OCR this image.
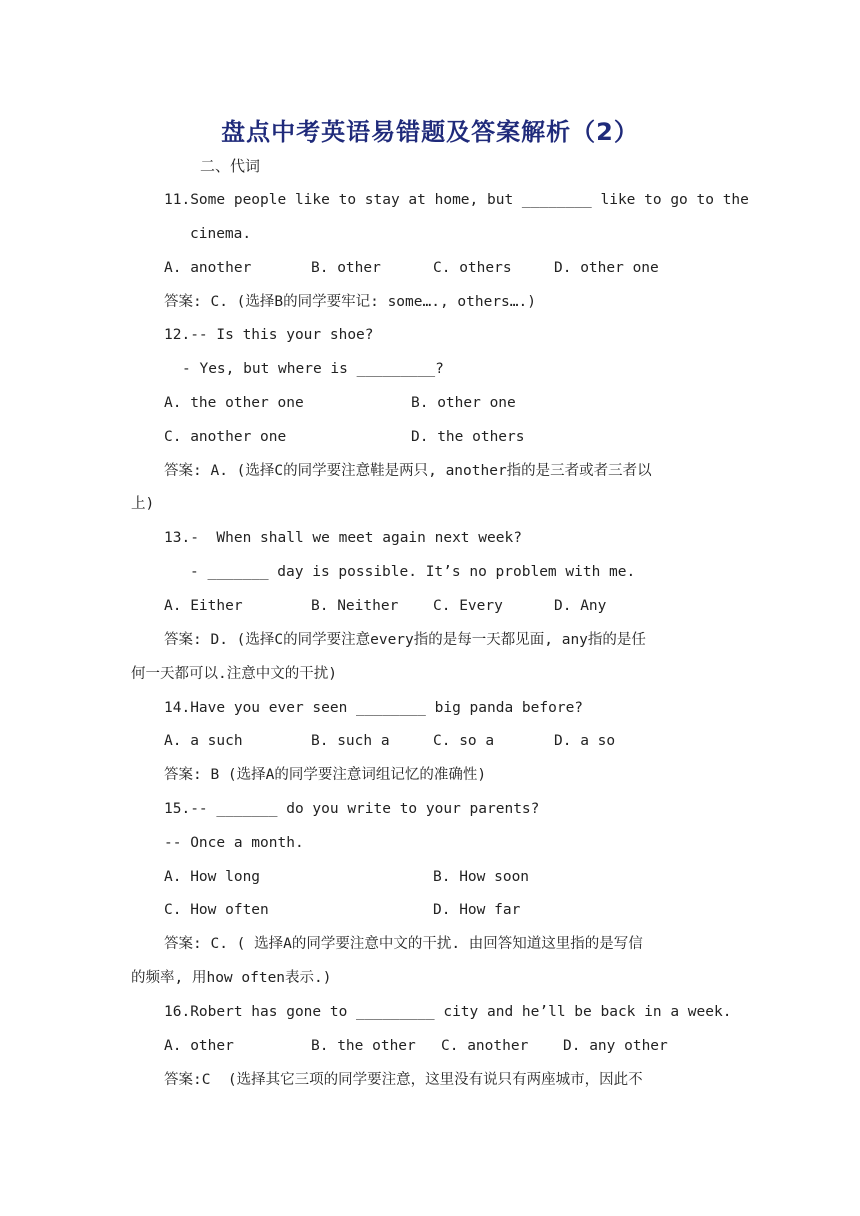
盘点中考英语易错题及答案解析（2）
二、代词
11.Some people like to stay at home, but ________ like to go to the
cinema.
A. another	B. other	C. others	D. other one
答案: C. (选择B的同学要牢记: some…., others….)
12.-- Is this your shoe?
- Yes, but where is _________?
A. the other one	B. other one
C. another one	D. the others
答案: A. (选择C的同学要注意鞋是两只, another指的是三者或者三者以
上)
13.-  When shall we meet again next week?
- _______ day is possible. It’s no problem with me.
A. Either	B. Neither C. Every	D. Any
答案: D. (选择C的同学要注意every指的是每一天都见面, any指的是任
何一天都可以.注意中文的干扰)
14.Have you ever seen ________ big panda before?
A. a such	B. such a	C. so a	D. a so
答案: B (选择A的同学要注意词组记忆的准确性)
15.-- _______ do you write to your parents?
-- Once a month.
A. How long	B. How soon
C. How often	D. How far
答案: C. ( 选择A的同学要注意中文的干扰. 由回答知道这里指的是写信
的频率, 用how often表示.)
16.Robert has gone to _________ city and he’ll be back in a week.
A. other	B. the other C. another D. any other
答案:C  (选择其它三项的同学要注意，这里没有说只有两座城市，因此不
